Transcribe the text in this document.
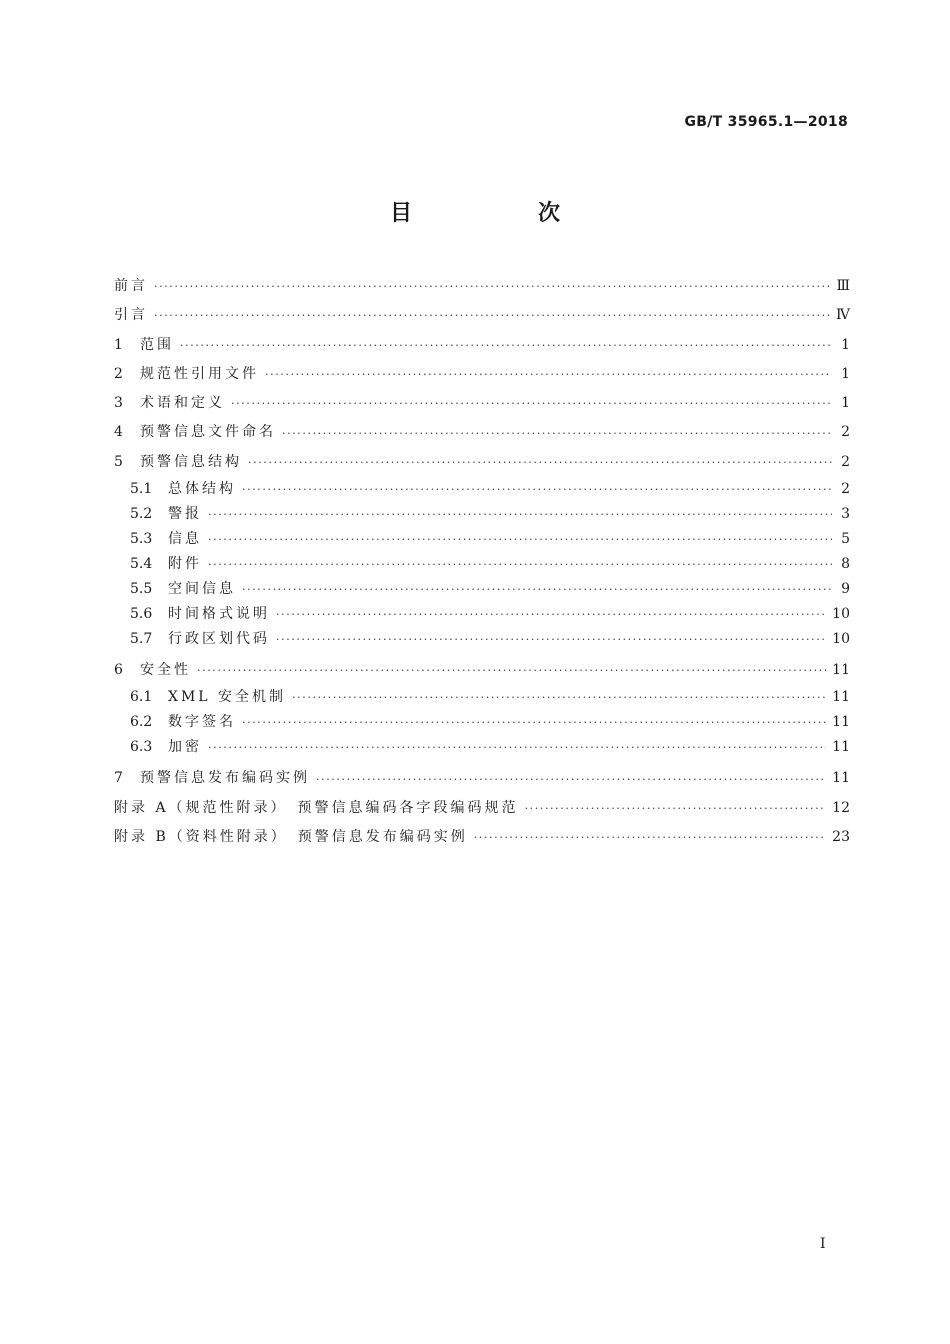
GB/T 35965.1—2018
目　次
前言 ·····	Ⅲ
引言 ·····	Ⅳ
1	范围 ·····	1
2	规范性引用文件 ·····	1
3	术语和定义 ·····	1
4	预警信息文件命名 ·····	2
5	预警信息结构 ·····	2
5.1	总体结构 ·····	2
5.2	警报 ·····	3
5.3	信息 ·····	5
5.4	附件 ·····	8
5.5	空间信息 ·····	9
5.6	时间格式说明 ·····	10
5.7	行政区划代码 ·····	10
6	安全性 ·····	11
6.1	XML 安全机制 ·····	11
6.2	数字签名 ·····	11
6.3	加密 ·····	11
7	预警信息发布编码实例 ·····	11
附录 A（规范性附录）　预警信息编码各字段编码规范 ·····	12
附录 B（资料性附录）　预警信息发布编码实例 ·····	23
Ⅰ
